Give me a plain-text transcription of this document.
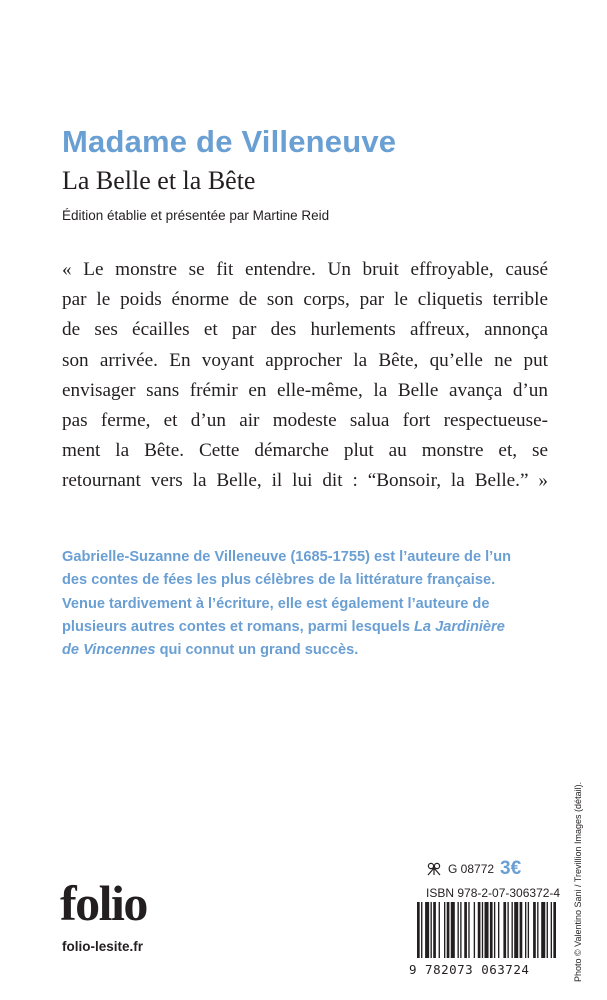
Madame de Villeneuve
La Belle et la Bête
Édition établie et présentée par Martine Reid
« Le monstre se fit entendre. Un bruit effroyable, causé
par le poids énorme de son corps, par le cliquetis terrible
de ses écailles et par des hurlements affreux, annonça
son arrivée. En voyant approcher la Bête, qu’elle ne put
envisager sans frémir en elle-même, la Belle avança d’un
pas ferme, et d’un air modeste salua fort respectueuse-
ment la Bête. Cette démarche plut au monstre et, se
retournant vers la Belle, il lui dit : “Bonsoir, la Belle.” »
Gabrielle-Suzanne de Villeneuve (1685-1755) est l’auteure de l’un
des contes de fées les plus célèbres de la littérature française.
Venue tardivement à l’écriture, elle est également l’auteure de
plusieurs autres contes et romans, parmi lesquels La Jardinière
de Vincennes qui connut un grand succès.
folio
folio-lesite.fr
G 08772 3€
ISBN 978-2-07-306372-4
9 782073 063724	Photo © Valentino Sani / Trevillion Images (détail).
